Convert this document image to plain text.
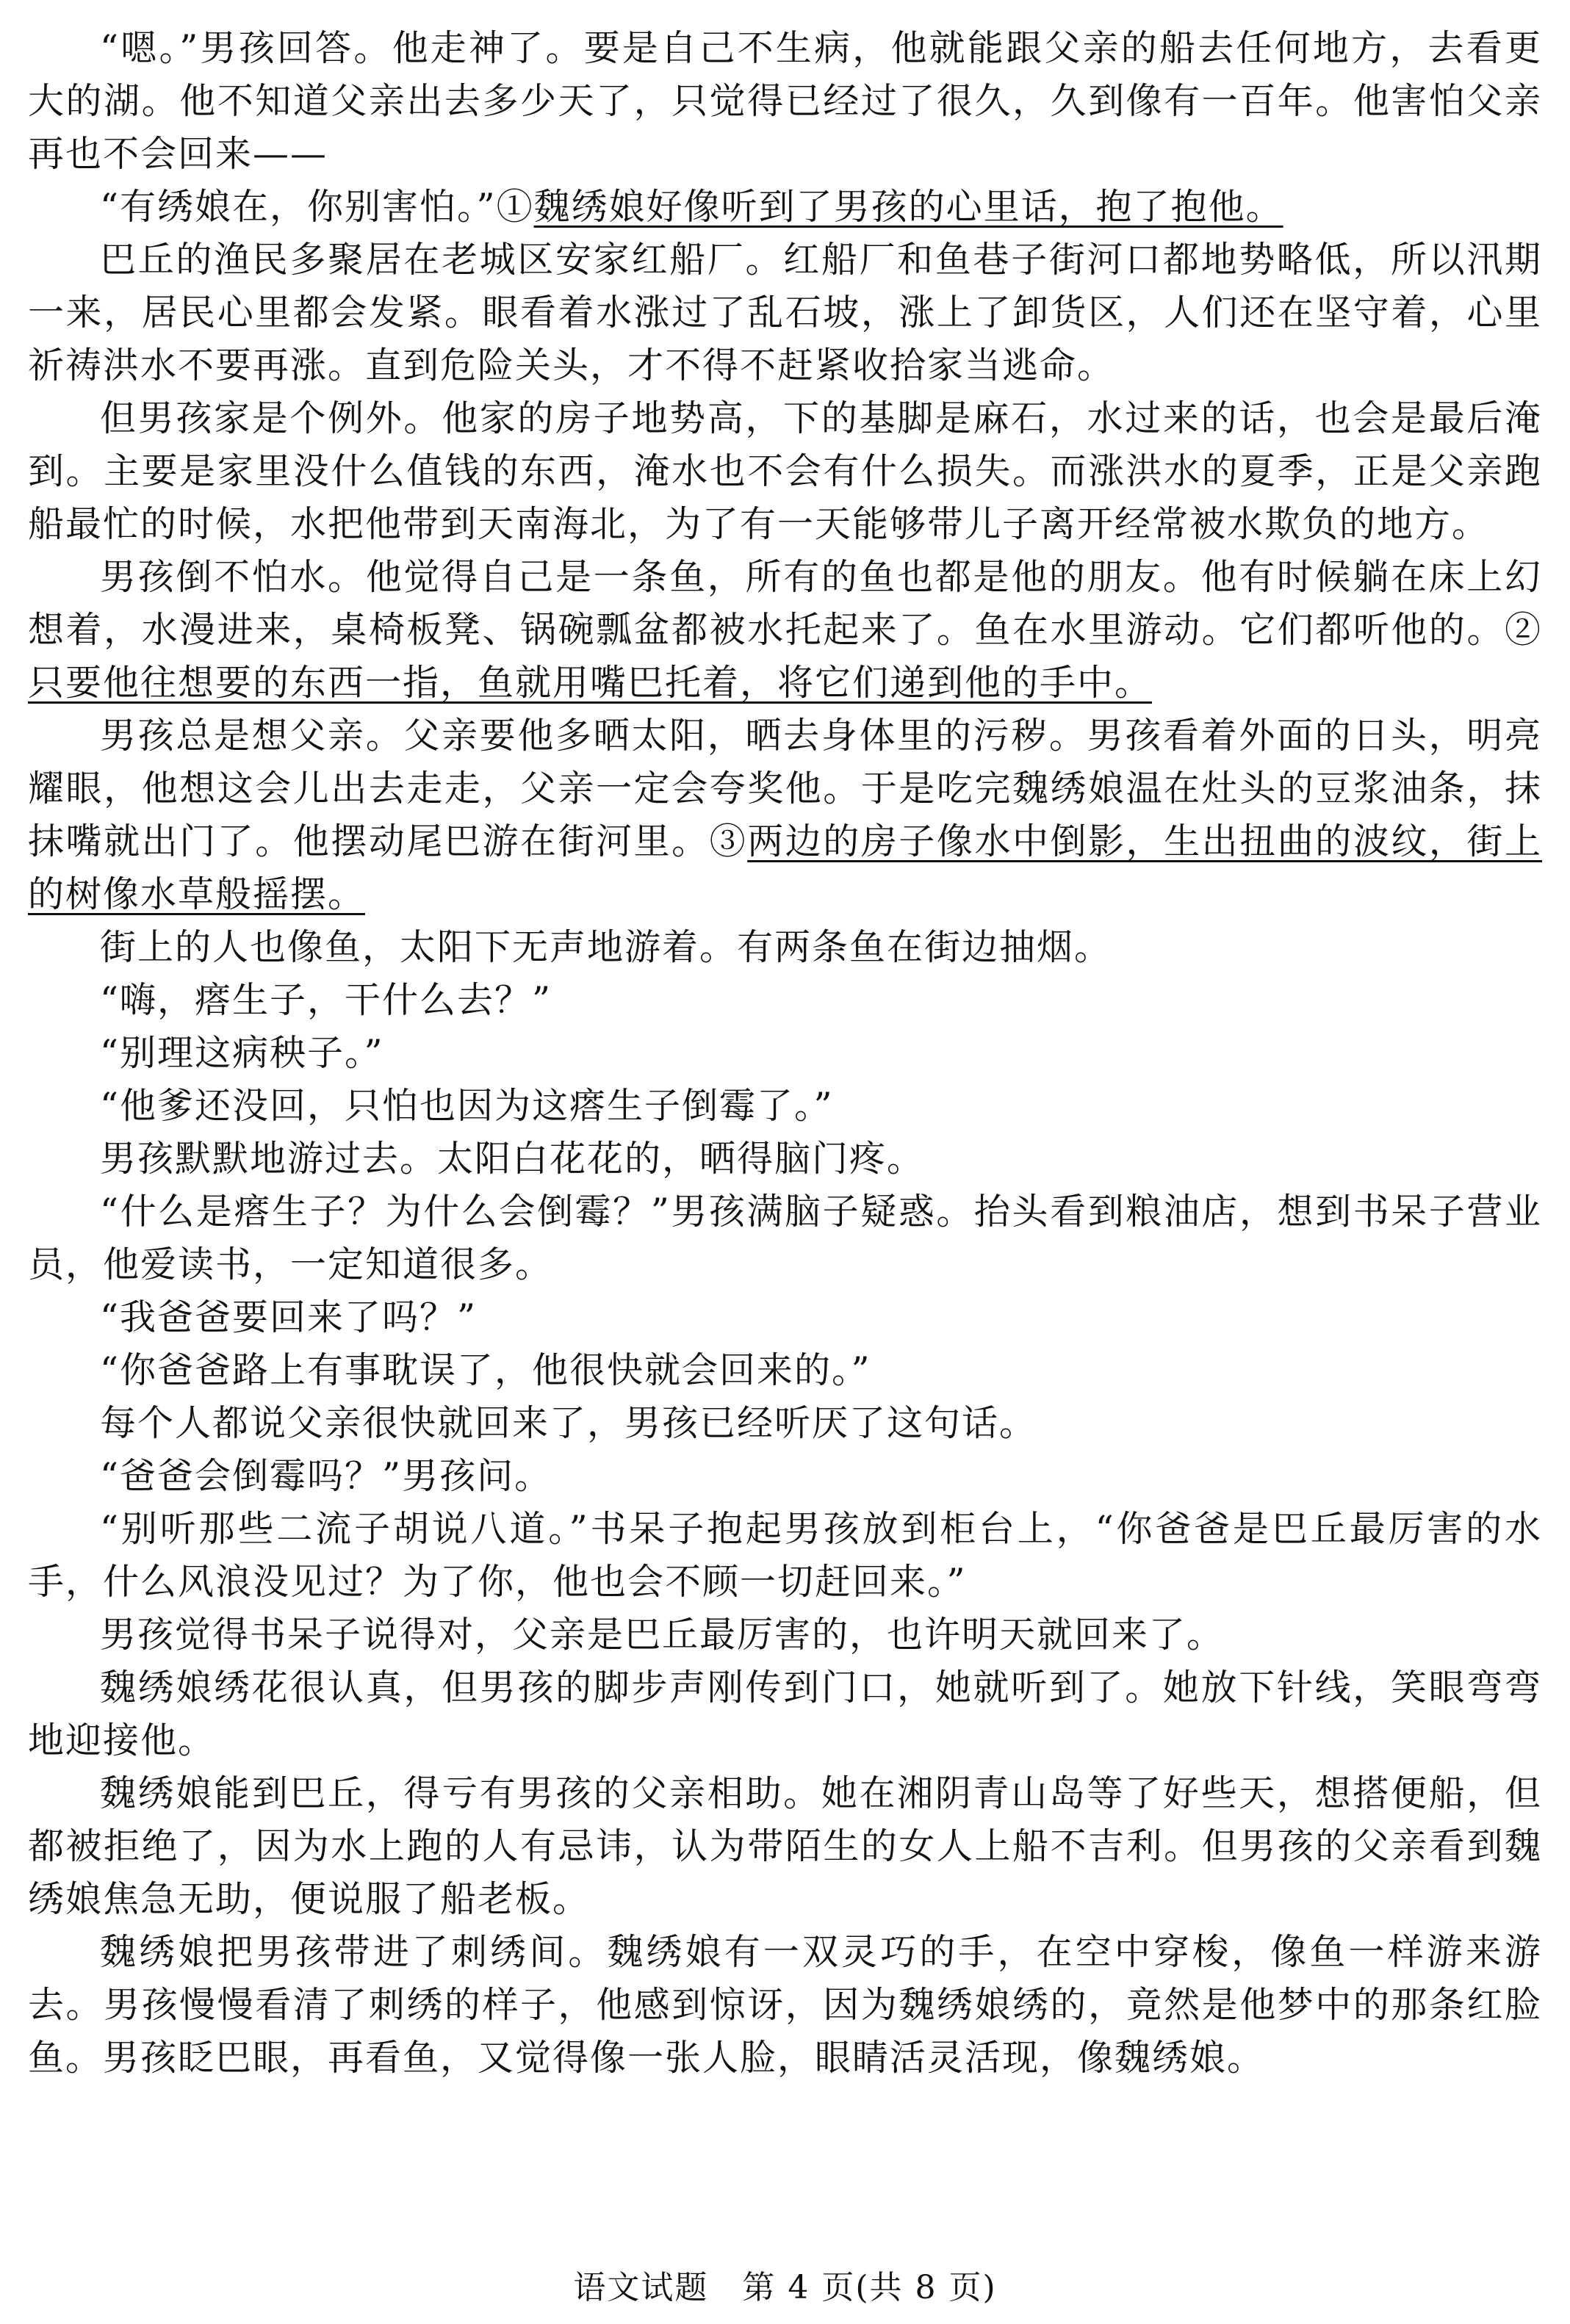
“嗯。”男孩回答。他走神了。要是自己不生病，他就能跟父亲的船去任何地方，去看更大的湖。他不知道父亲出去多少天了，只觉得已经过了很久，久到像有一百年。他害怕父亲再也不会回来——

“有绣娘在，你别害怕。”①魏绣娘好像听到了男孩的心里话，抱了抱他。

巴丘的渔民多聚居在老城区安家红船厂。红船厂和鱼巷子街河口都地势略低，所以汛期一来，居民心里都会发紧。眼看着水涨过了乱石坡，涨上了卸货区，人们还在坚守着，心里祈祷洪水不要再涨。直到危险关头，才不得不赶紧收拾家当逃命。

但男孩家是个例外。他家的房子地势高，下的基脚是麻石，水过来的话，也会是最后淹到。主要是家里没什么值钱的东西，淹水也不会有什么损失。而涨洪水的夏季，正是父亲跑船最忙的时候，水把他带到天南海北，为了有一天能够带儿子离开经常被水欺负的地方。

男孩倒不怕水。他觉得自己是一条鱼，所有的鱼也都是他的朋友。他有时候躺在床上幻想着，水漫进来，桌椅板凳、锅碗瓢盆都被水托起来了。鱼在水里游动。它们都听他的。②只要他往想要的东西一指，鱼就用嘴巴托着，将它们递到他的手中。

男孩总是想父亲。父亲要他多晒太阳，晒去身体里的污秽。男孩看着外面的日头，明亮耀眼，他想这会儿出去走走，父亲一定会夸奖他。于是吃完魏绣娘温在灶头的豆浆油条，抹抹嘴就出门了。他摆动尾巴游在街河里。③两边的房子像水中倒影，生出扭曲的波纹，街上的树像水草般摇摆。

街上的人也像鱼，太阳下无声地游着。有两条鱼在街边抽烟。

“嗨，瘩生子，干什么去？”

“别理这病秧子。”

“他爹还没回，只怕也因为这瘩生子倒霉了。”

男孩默默地游过去。太阳白花花的，晒得脑门疼。

“什么是瘩生子？为什么会倒霉？”男孩满脑子疑惑。抬头看到粮油店，想到书呆子营业员，他爱读书，一定知道很多。

“我爸爸要回来了吗？”

“你爸爸路上有事耽误了，他很快就会回来的。”

每个人都说父亲很快就回来了，男孩已经听厌了这句话。

“爸爸会倒霉吗？”男孩问。

“别听那些二流子胡说八道。”书呆子抱起男孩放到柜台上，“你爸爸是巴丘最厉害的水手，什么风浪没见过？为了你，他也会不顾一切赶回来。”

男孩觉得书呆子说得对，父亲是巴丘最厉害的，也许明天就回来了。

魏绣娘绣花很认真，但男孩的脚步声刚传到门口，她就听到了。她放下针线，笑眼弯弯地迎接他。

魏绣娘能到巴丘，得亏有男孩的父亲相助。她在湘阴青山岛等了好些天，想搭便船，但都被拒绝了，因为水上跑的人有忌讳，认为带陌生的女人上船不吉利。但男孩的父亲看到魏绣娘焦急无助，便说服了船老板。

魏绣娘把男孩带进了刺绣间。魏绣娘有一双灵巧的手，在空中穿梭，像鱼一样游来游去。男孩慢慢看清了刺绣的样子，他感到惊讶，因为魏绣娘绣的，竟然是他梦中的那条红脸鱼。男孩眨巴眼，再看鱼，又觉得像一张人脸，眼睛活灵活现，像魏绣娘。

语文试题　第 4 页(共 8 页)
